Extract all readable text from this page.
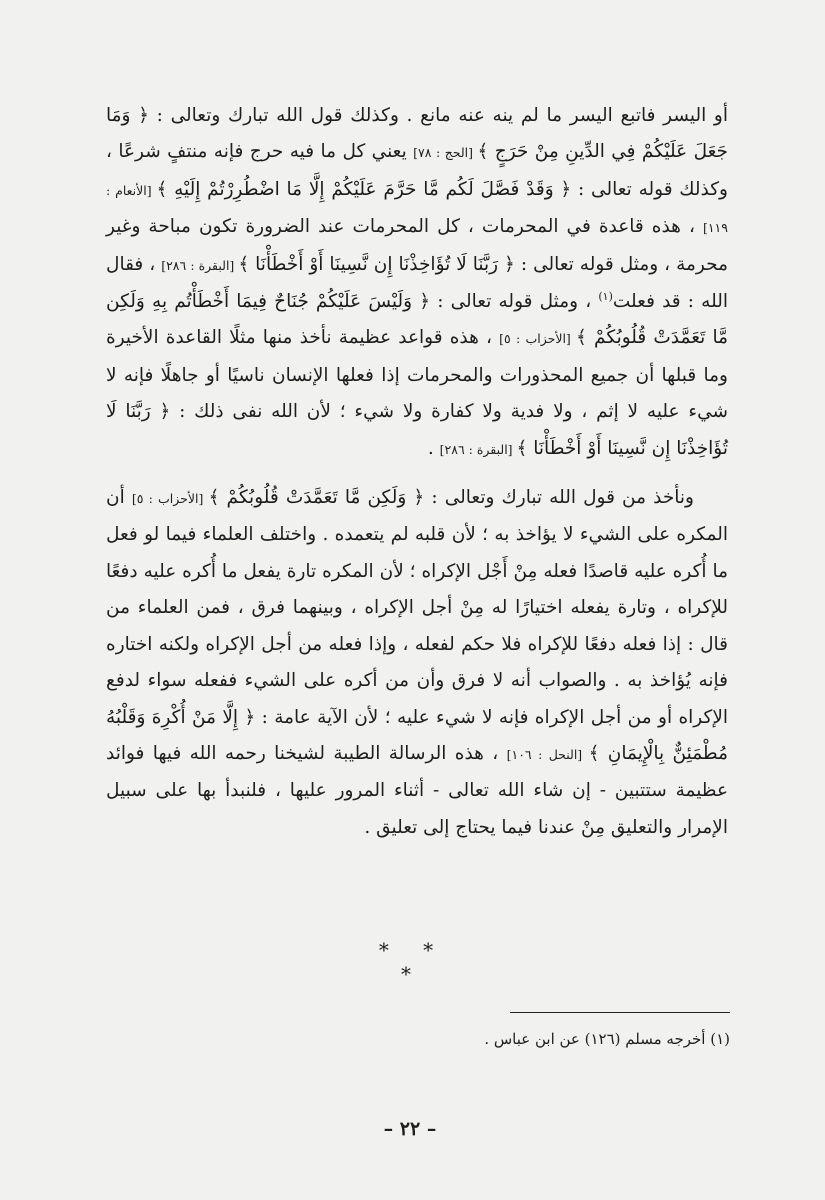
أو اليسر فاتبع اليسر ما لم ينه عنه مانع . وكذلك قول الله تبارك وتعالى : ﴿ وَمَا جَعَلَ عَلَيْكُمْ فِي الدِّينِ مِنْ حَرَجٍ ﴾ [الحج : ٧٨] يعني كل ما فيه حرج فإنه منتفٍ شرعًا ، وكذلك قوله تعالى : ﴿ وَقَدْ فَصَّلَ لَكُم مَّا حَرَّمَ عَلَيْكُمْ إِلَّا مَا اضْطُرِرْتُمْ إِلَيْهِ ﴾ [الأنعام : ١١٩] ، هذه قاعدة في المحرمات ، كل المحرمات عند الضرورة تكون مباحة وغير محرمة ، ومثل قوله تعالى : ﴿ رَبَّنَا لَا تُؤَاخِذْنَا إِن نَّسِينَا أَوْ أَخْطَأْنَا ﴾ [البقرة : ٢٨٦] ، فقال الله : قد فعلت$^{(١)}$ ، ومثل قوله تعالى : ﴿ وَلَيْسَ عَلَيْكُمْ جُنَاحٌ فِيمَا أَخْطَأْتُم بِهِ وَلَكِن مَّا تَعَمَّدَتْ قُلُوبُكُمْ ﴾ [الأحزاب : ٥] ، هذه قواعد عظيمة نأخذ منها مثلًا القاعدة الأخيرة وما قبلها أن جميع المحذورات والمحرمات إذا فعلها الإنسان ناسيًا أو جاهلًا فإنه لا شيء عليه لا إثم ، ولا فدية ولا كفارة ولا شيء ؛ لأن الله نفى ذلك : ﴿ رَبَّنَا لَا تُؤَاخِذْنَا إِن نَّسِينَا أَوْ أَخْطَأْنَا ﴾ [البقرة : ٢٨٦] .

ونأخذ من قول الله تبارك وتعالى : ﴿ وَلَكِن مَّا تَعَمَّدَتْ قُلُوبُكُمْ ﴾ [الأحزاب : ٥] أن المكره على الشيء لا يؤاخذ به ؛ لأن قلبه لم يتعمده . واختلف العلماء فيما لو فعل ما أُكره عليه قاصدًا فعله مِنْ أَجْل الإكراه ؛ لأن المكره تارة يفعل ما أُكره عليه دفعًا للإكراه ، وتارة يفعله اختيارًا له مِنْ أجل الإكراه ، وبينهما فرق ، فمن العلماء من قال : إذا فعله دفعًا للإكراه فلا حكم لفعله ، وإذا فعله من أجل الإكراه ولكنه اختاره فإنه يُؤاخذ به . والصواب أنه لا فرق وأن من أكره على الشيء ففعله سواء لدفع الإكراه أو من أجل الإكراه فإنه لا شيء عليه ؛ لأن الآية عامة : ﴿ إِلَّا مَنْ أُكْرِهَ وَقَلْبُهُ مُطْمَئِنٌّ بِالْإِيمَانِ ﴾ [النحل : ١٠٦] ، هذه الرسالة الطيبة لشيخنا رحمه الله فيها فوائد عظيمة ستتبين - إن شاء الله تعالى - أثناء المرور عليها ، فلنبدأ بها على سبيل الإمرار والتعليق مِنْ عندنا فيما يحتاج إلى تعليق .

* * *

(١) أخرجه مسلم (١٢٦) عن ابن عباس .

– ٢٢ –
